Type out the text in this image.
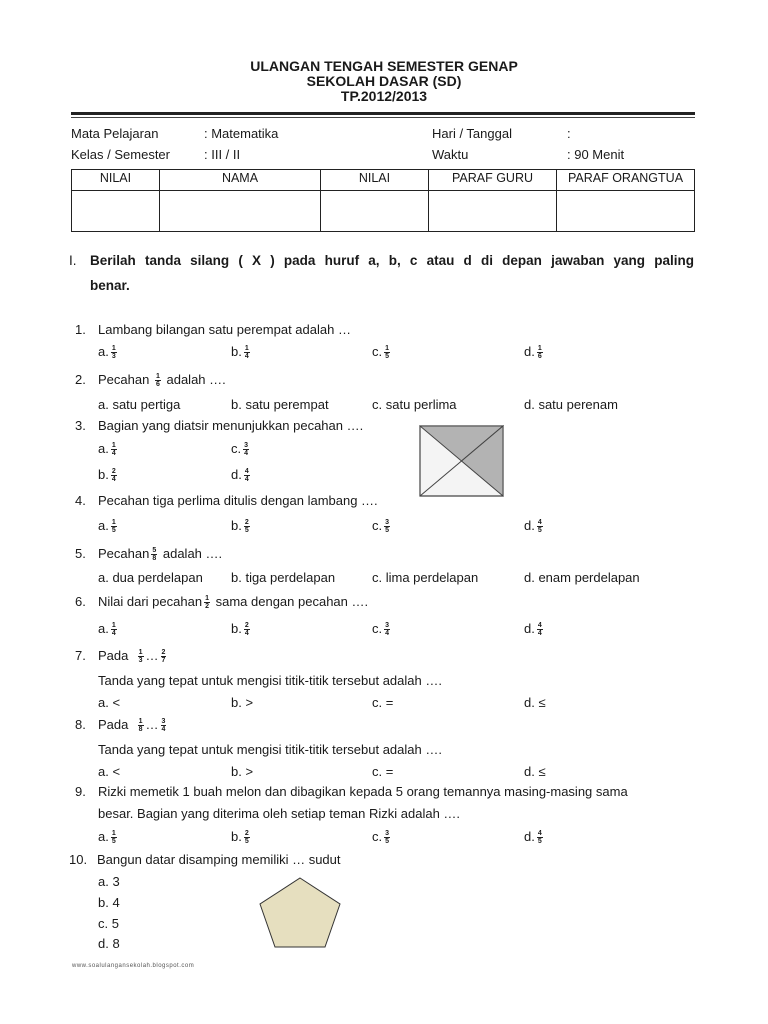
ULANGAN TENGAH SEMESTER GENAP
SEKOLAH DASAR (SD)
TP.2012/2013
Mata Pelajaran	: Matematika	Hari / Tanggal	:
Kelas / Semester	: III / II	Waktu	: 90 Menit
NILAI	NAMA	NILAI	PARAF GURU	PARAF ORANGTUA

I. Berilah tanda silang ( X ) pada huruf a, b, c atau d di depan jawaban yang paling
benar.
1. Lambang bilangan satu perempat adalah …
a. $\frac{1}{3}$	b. $\frac{1}{4}$	c. $\frac{1}{5}$	d. $\frac{1}{6}$
2. Pecahan $\frac{1}{6}$ adalah ….
a. satu pertiga	b. satu perempat	c. satu perlima	d. satu perenam
3. Bagian yang diatsir menunjukkan pecahan ….
a. $\frac{1}{4}$	c. $\frac{3}{4}$
b. $\frac{2}{4}$	d. $\frac{4}{4}$
4. Pecahan tiga perlima ditulis dengan lambang ….
a. $\frac{1}{5}$	b. $\frac{2}{5}$	c. $\frac{3}{5}$	d. $\frac{4}{5}$
5. Pecahan $\frac{5}{8}$ adalah ….
a. dua perdelapan b. tiga perdelapan	c. lima perdelapan	d. enam perdelapan
6. Nilai dari pecahan $\frac{1}{2}$ sama dengan pecahan ….
a. $\frac{1}{4}$	b. $\frac{2}{4}$	c. $\frac{3}{4}$	d. $\frac{4}{4}$
7. Pada $\frac{1}{3}$ … $\frac{2}{7}$
Tanda yang tepat untuk mengisi titik-titik tersebut adalah ….
a. <	b. >	c. =	d. ≤
8. Pada $\frac{1}{8}$ … $\frac{3}{4}$
Tanda yang tepat untuk mengisi titik-titik tersebut adalah ….
a. <	b. >	c. =	d. ≤
9. Rizki memetik 1 buah melon dan dibagikan kepada 5 orang temannya masing-masing sama
besar. Bagian yang diterima oleh setiap teman Rizki adalah ….
a. $\frac{1}{5}$	b. $\frac{2}{5}$	c. $\frac{3}{5}$	d. $\frac{4}{5}$
10. Bangun datar disamping memiliki … sudut
a. 3
b. 4
c. 5
d. 8
www.soalulangansekolah.blogspot.com
